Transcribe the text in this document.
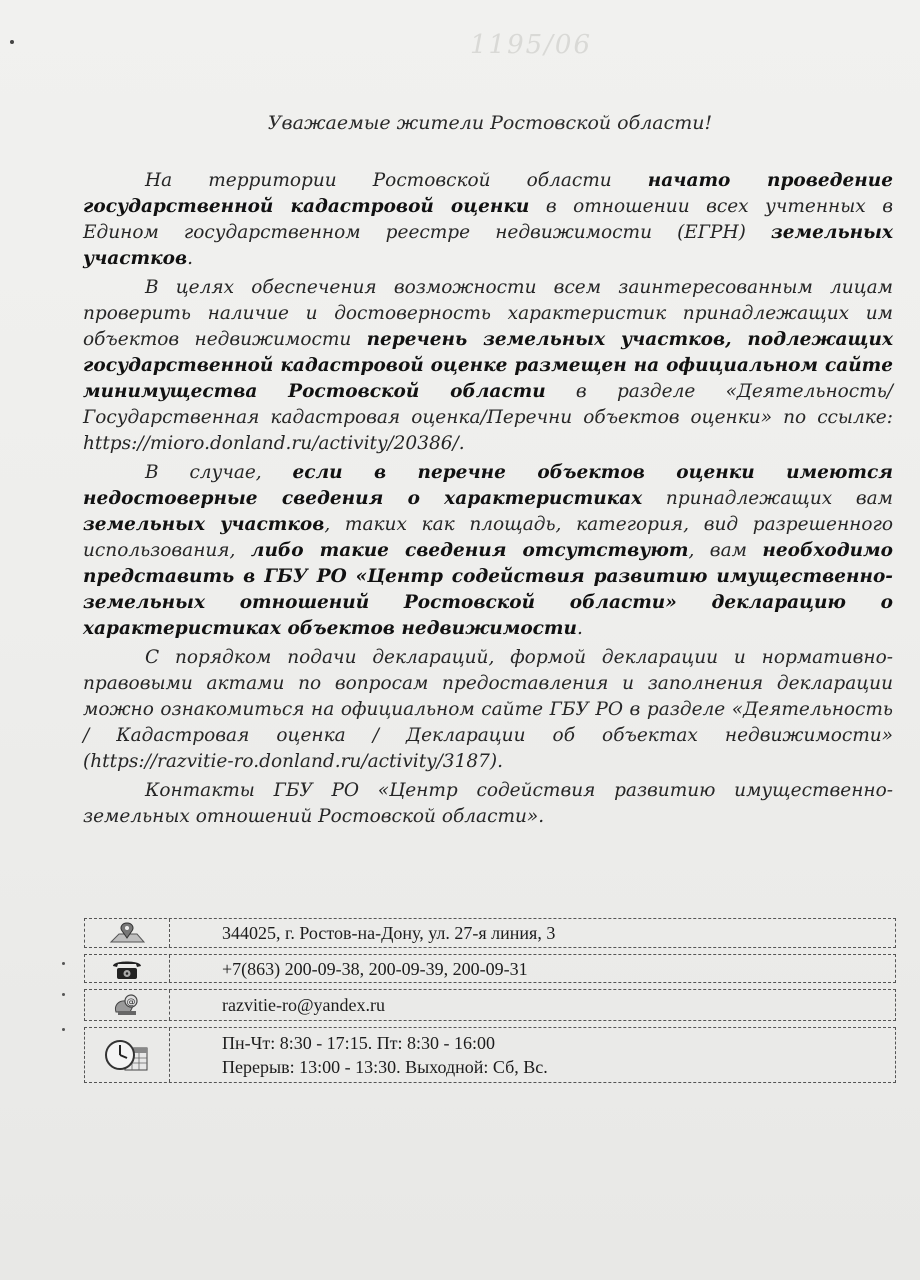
1195/06

Уважаемые жители Ростовской области!

На территории Ростовской области начато проведение государственной кадастровой оценки в отношении всех учтенных в Едином государственном реестре недвижимости (ЕГРН) земельных участков.

В целях обеспечения возможности всем заинтересованным лицам проверить наличие и достоверность характеристик принадлежащих им объектов недвижимости перечень земельных участков, подлежащих государственной кадастровой оценке размещен на официальном сайте минимущества Ростовской области в разделе «Деятельность/Государственная кадастровая оценка/Перечни объектов оценки» по ссылке: https://mioro.donland.ru/activity/20386/.

В случае, если в перечне объектов оценки имеются недостоверные сведения о характеристиках принадлежащих вам земельных участков, таких как площадь, категория, вид разрешенного использования, либо такие сведения отсутствуют, вам необходимо представить в ГБУ РО «Центр содействия развитию имущественно-земельных отношений Ростовской области» декларацию о характеристиках объектов недвижимости.

С порядком подачи деклараций, формой декларации и нормативно-правовыми актами по вопросам предоставления и заполнения декларации можно ознакомиться на официальном сайте ГБУ РО в разделе «Деятельность / Кадастровая оценка / Декларации об объектах недвижимости» (https://razvitie-ro.donland.ru/activity/3187).

Контакты ГБУ РО «Центр содействия развитию имущественно-земельных отношений Ростовской области».

344025, г. Ростов-на-Дону, ул. 27-я линия, 3
+7(863) 200-09-38, 200-09-39, 200-09-31
@	razvitie-ro@yandex.ru
Пн-Чт: 8:30 - 17:15. Пт: 8:30 - 16:00
Перерыв: 13:00 - 13:30. Выходной: Сб, Вс.
